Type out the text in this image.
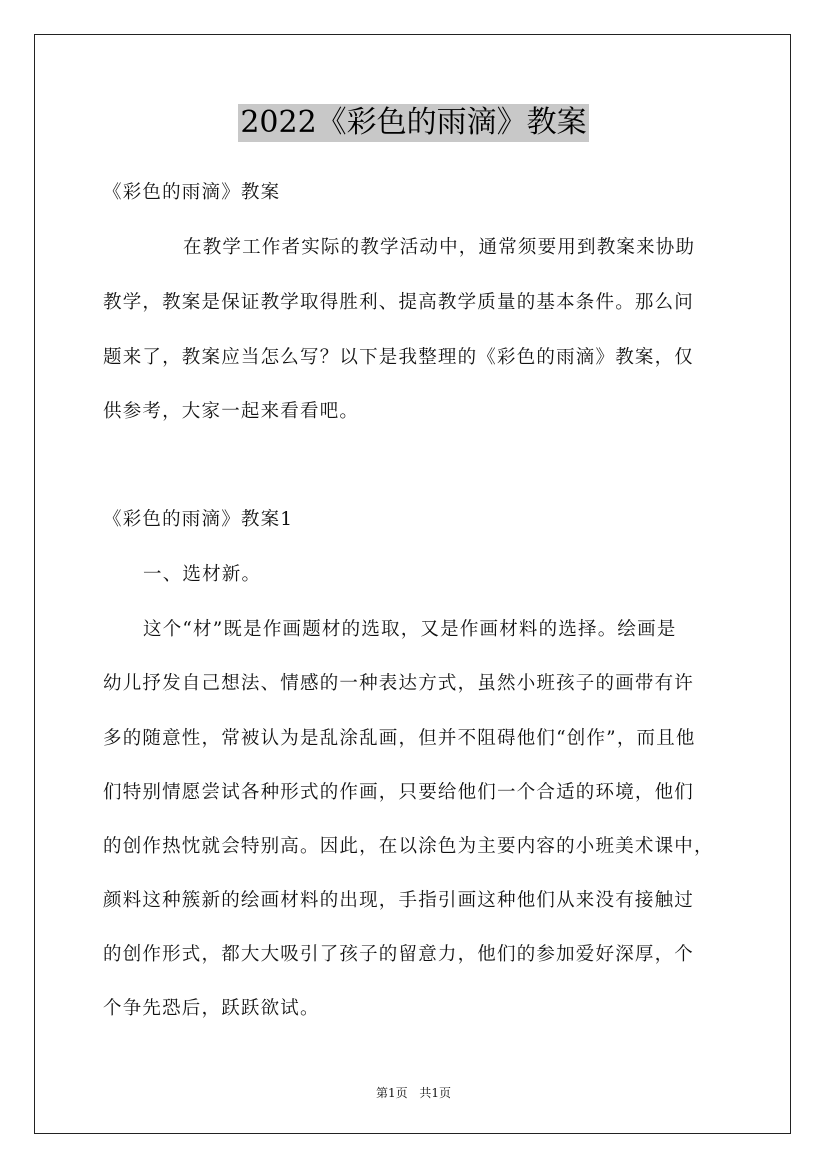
2022《彩色的雨滴》教案
《彩色的雨滴》教案
在教学工作者实际的教学活动中，通常须要用到教案来协助
教学，教案是保证教学取得胜利、提高教学质量的基本条件。那么问
题来了，教案应当怎么写？以下是我整理的《彩色的雨滴》教案，仅
供参考，大家一起来看看吧。
《彩色的雨滴》教案1
一、选材新。
这个“材”既是作画题材的选取，又是作画材料的选择。绘画是
幼儿抒发自己想法、情感的一种表达方式，虽然小班孩子的画带有许
多的随意性，常被认为是乱涂乱画，但并不阻碍他们“创作”，而且他
们特别情愿尝试各种形式的作画，只要给他们一个合适的环境，他们
的创作热忱就会特别高。因此，在以涂色为主要内容的小班美术课中，
颜料这种簇新的绘画材料的出现，手指引画这种他们从来没有接触过
的创作形式，都大大吸引了孩子的留意力，他们的参加爱好深厚，个
个争先恐后，跃跃欲试。
第1页 共1页
